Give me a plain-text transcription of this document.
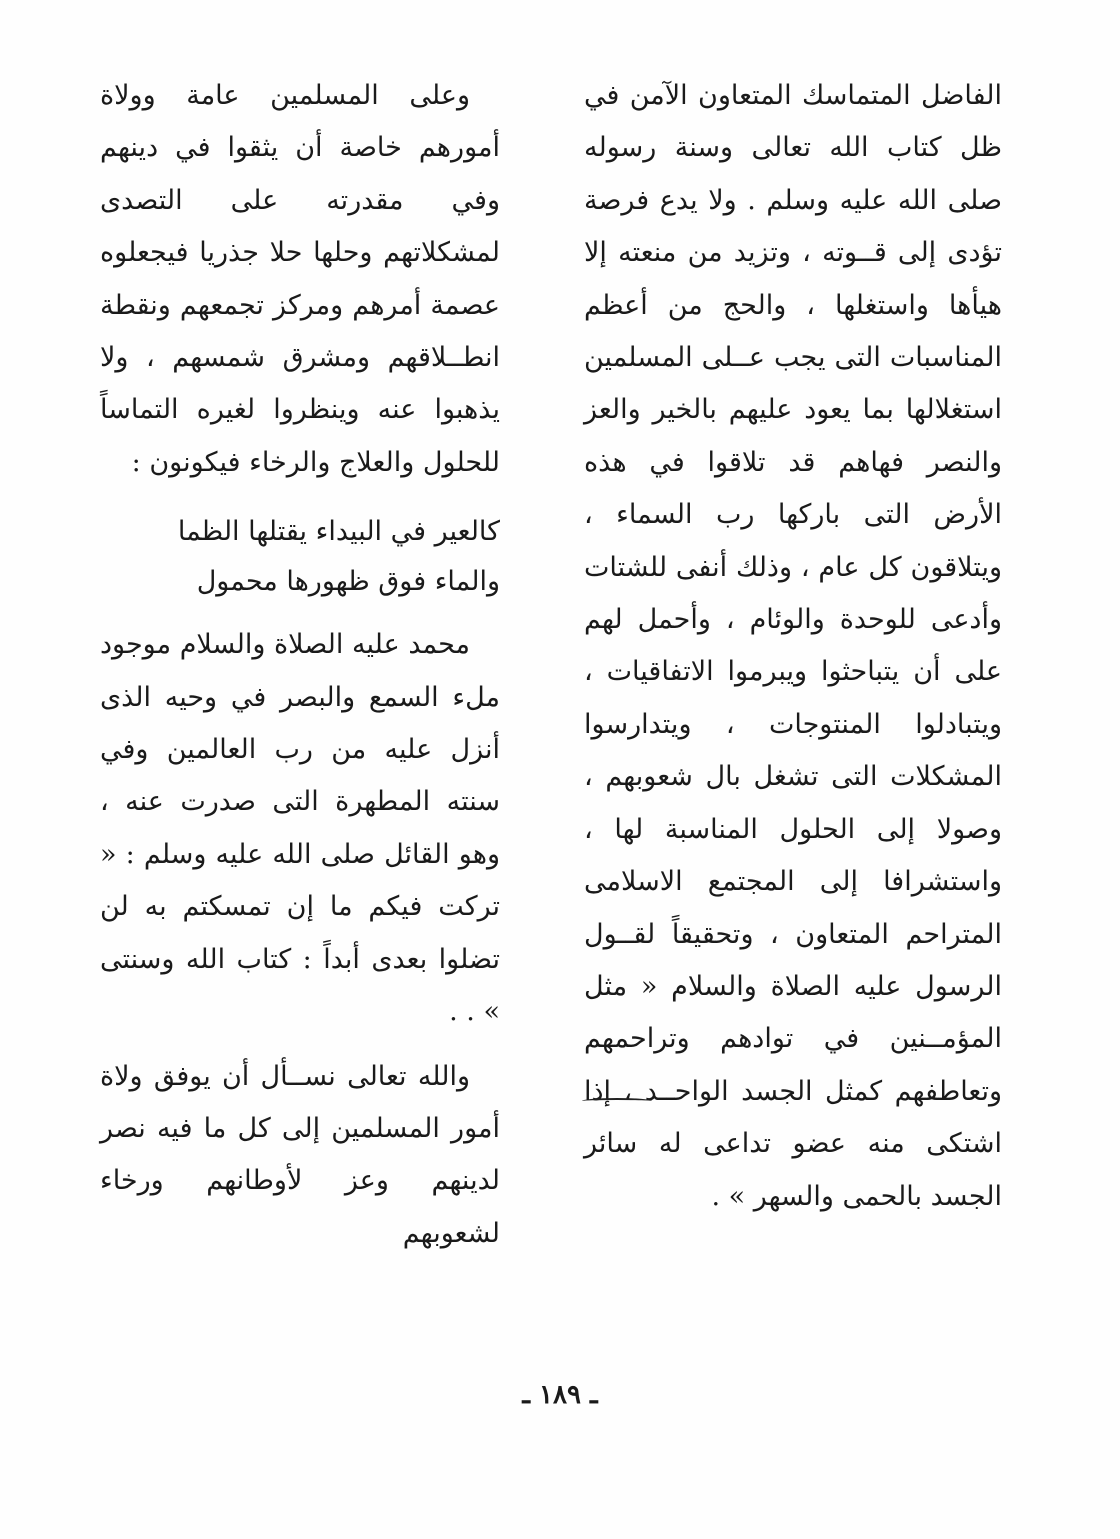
الفاضل المتماسك المتعاون الآمن في ظل كتاب الله تعالى وسنة رسوله صلى الله عليه وسلم . ولا يدع فرصة تؤدى إلى قــوته ، وتزيد من منعته إلا هيأها واستغلها ، والحج من أعظم المناسبات التى يجب عــلى المسلمين استغلالها بما يعود عليهم بالخير والعز والنصر فهاهم قد تلاقوا في هذه الأرض التى باركها رب السماء ، ويتلاقون كل عام ، وذلك أنفى للشتات وأدعى للوحدة والوئام ، وأحمل لهم على أن يتباحثوا ويبرموا الاتفاقيات ، ويتبادلوا المنتوجات ، ويتدارسوا المشكلات التى تشغل بال شعوبهم ، وصولا إلى الحلول المناسبة لها ، واستشرافا إلى المجتمع الاسلامى المتراحم المتعاون ، وتحقيقاً لقــول الرسول عليه الصلاة والسلام « مثل المؤمــنين في توادهم وتراحمهم وتعاطفهم كمثل الجسد الواحــد ، إذا اشتكى منه عضو تداعى له سائر الجسد بالحمى والسهر » .

وعلى المسلمين عامة وولاة أمورهم خاصة أن يثقوا في دينهم وفي مقدرته على التصدى لمشكلاتهم وحلها حلا جذريا فيجعلوه عصمة أمرهم ومركز تجمعهم ونقطة انطــلاقهم ومشرق شمسهم ، ولا يذهبوا عنه وينظروا لغيره التماساً للحلول والعلاج والرخاء فيكونون :

كالعير في البيداء يقتلها الظما
والماء فوق ظهورها محمول

محمد عليه الصلاة والسلام موجود ملء السمع والبصر في وحيه الذى أنزل عليه من رب العالمين وفي سنته المطهرة التى صدرت عنه ، وهو القائل صلى الله عليه وسلم : « تركت فيكم ما إن تمسكتم به لن تضلوا بعدى أبداً : كتاب الله وسنتى » . .

والله تعالى نســأل أن يوفق ولاة أمور المسلمين إلى كل ما فيه نصر لدينهم وعز لأوطانهم ورخاء لشعوبهم

ـ ١٨٩ ـ
